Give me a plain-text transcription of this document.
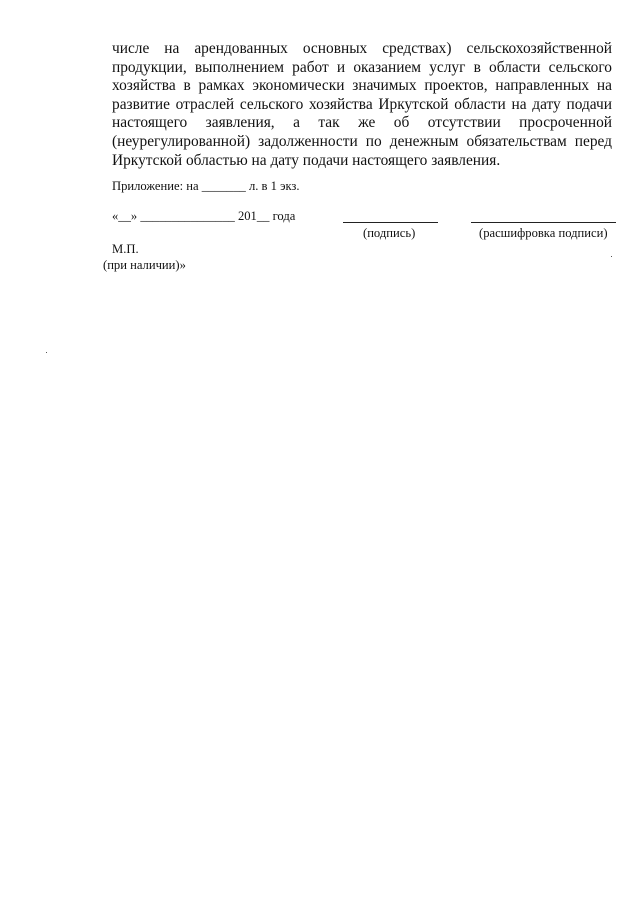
числе на арендованных основных средствах) сельскохозяйственной
продукции, выполнением работ и оказанием услуг в области сельского
хозяйства в рамках экономически значимых проектов, направленных на
развитие отраслей сельского хозяйства Иркутской области на дату подачи
настоящего заявления, а так же об отсутствии просроченной
(неурегулированной) задолженности по денежным обязательствам перед
Иркутской областью на дату подачи настоящего заявления.
Приложение: на _______ л. в 1 экз.
«__» _______________ 201__ года
(подпись)	(расшифровка подписи)
М.П.
(при наличии)»
